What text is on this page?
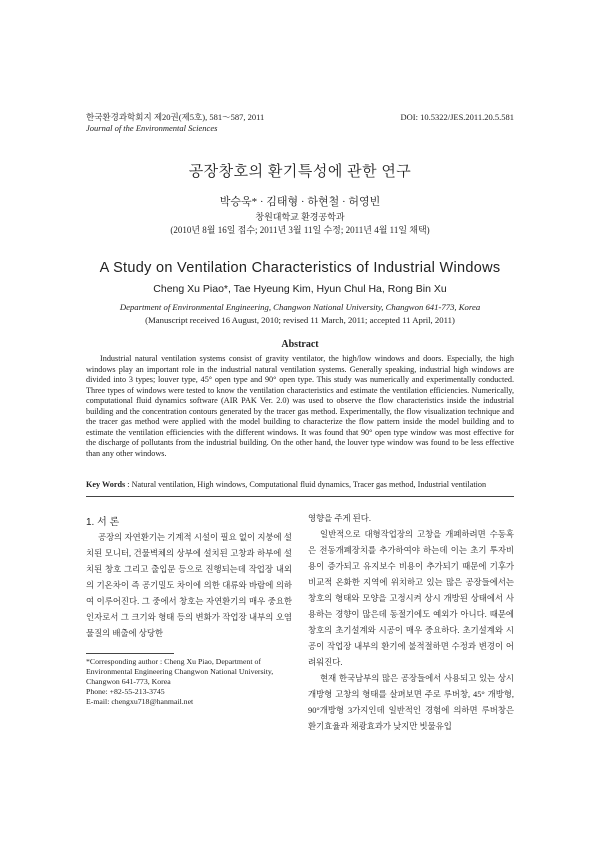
한국환경과학회지 제20권(제5호), 581～587, 2011
Journal of the Environmental Sciences
DOI: 10.5322/JES.2011.20.5.581
공장창호의 환기특성에 관한 연구
박승욱* · 김태형 · 하현철 · 허영빈
창원대학교 환경공학과
(2010년 8월 16일 접수; 2011년 3월 11일 수정; 2011년 4월 11일 채택)
A Study on Ventilation Characteristics of Industrial Windows
Cheng Xu Piao*, Tae Hyeung Kim, Hyun Chul Ha, Rong Bin Xu
Department of Environmental Engineering, Changwon National University, Changwon 641-773, Korea
(Manuscript received 16 August, 2010; revised 11 March, 2011; accepted 11 April, 2011)
Abstract

Industrial natural ventilation systems consist of gravity ventilator, the high/low windows and doors. Especially, the high windows play an important role in the industrial natural ventilation systems. Generally speaking, industrial high windows are divided into 3 types; louver type, 45° open type and 90° open type. This study was numerically and experimentally conducted. Three types of windows were tested to know the ventilation characteristics and estimate the ventilation efficiencies. Numerically, computational fluid dynamics software (AIR PAK Ver. 2.0) was used to observe the flow characteristics inside the industrial building and the concentration contours generated by the tracer gas method. Experimentally, the flow visualization technique and the tracer gas method were applied with the model building to characterize the flow pattern inside the model building and to estimate the ventilation efficiencies with the different windows. It was found that 90° open type window was most effective for the discharge of pollutants from the industrial building. On the other hand, the louver type window was found to be less effective than any other windows.

Key Words : Natural ventilation, High windows, Computational fluid dynamics, Tracer gas method, Industrial ventilation
1. 서 론

공장의 자연환기는 기계적 시설이 필요 없이 지붕에 설치된 모니터, 건물벽체의 상부에 설치된 고창과 하부에 설치된 창호 그리고 출입문 등으로 진행되는데 작업장 내외의 기온차이 즉 공기밀도 차이에 의한 대류와 바람에 의하여 이루어진다. 그 중에서 창호는 자연환기의 매우 중요한 인자로서 그 크기와 형태 등의 변화가 작업장 내부의 오염물질의 배출에 상당한

영향을 주게 된다.

일반적으로 대형작업장의 고창을 개폐하려면 수동혹은 전동개폐장치를 추가하여야 하는데 이는 초기 투자비용이 증가되고 유지보수 비용이 추가되기 때문에 기후가 비교적 온화한 지역에 위치하고 있는 많은 공장들에서는 창호의 형태와 모양을 고정시켜 상시 개방된 상태에서 사용하는 경향이 많은데 동절기에도 예외가 아니다. 때문에 창호의 초기설계와 시공이 매우 중요하다. 초기설계와 시공이 작업장 내부의 환기에 불적절하면 수정과 변경이 어려워진다.

현재 한국남부의 많은 공장들에서 사용되고 있는 상시 개방형 고창의 형태를 살펴보면 주로 루버창, 45° 개방형, 90°개방형 3가지인데 일반적인 경험에 의하면 루버창은 환기효율과 채광효과가 낮지만 빗물유입

*Corresponding author : Cheng Xu Piao, Department of
Environmental Engineering Changwon National University,
Changwon 641-773, Korea
Phone: +82-55-213-3745
E-mail: chengxu718@hanmail.net
